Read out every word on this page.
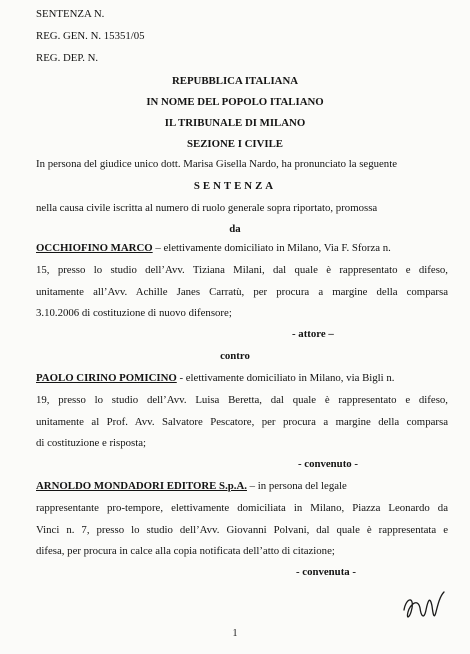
SENTENZA N.
REG. GEN. N. 15351/05
REG. DEP. N.
REPUBBLICA ITALIANA
IN NOME DEL POPOLO ITALIANO
IL TRIBUNALE DI MILANO
SEZIONE I CIVILE
In persona del giudice unico dott. Marisa Gisella Nardo, ha pronunciato la seguente
SENTENZA
nella causa civile iscritta al numero di ruolo generale sopra riportato, promossa
da
OCCHIOFINO MARCO – elettivamente domiciliato in Milano, Via F. Sforza n.
15, presso lo studio dell’Avv. Tiziana Milani, dal quale è rappresentato e difeso,
unitamente all’Avv. Achille Janes Carratù, per procura a margine della comparsa
3.10.2006 di costituzione di nuovo difensore;
- attore –
contro
PAOLO CIRINO POMICINO - elettivamente domiciliato in Milano, via Bigli n.
19, presso lo studio dell’Avv. Luisa Beretta, dal quale è rappresentato e difeso,
unitamente al Prof. Avv. Salvatore Pescatore, per procura a margine della comparsa
di costituzione e risposta;
- convenuto -
ARNOLDO MONDADORI EDITORE S.p.A. – in persona del legale
rappresentante pro-tempore, elettivamente domiciliata in Milano, Piazza Leonardo da
Vinci n. 7, presso lo studio dell’Avv. Giovanni Polvani, dal quale è rappresentata e
difesa, per procura in calce alla copia notificata dell’atto di citazione;
- convenuta -
1
